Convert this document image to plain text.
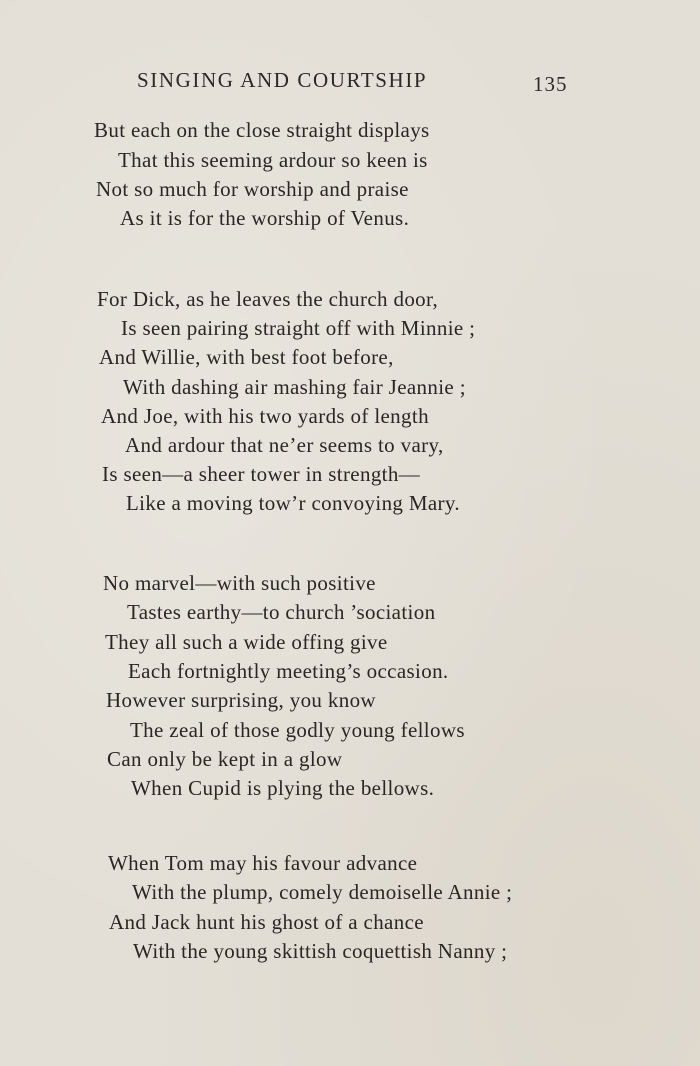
SINGING AND COURTSHIP	135
But each on the close straight displays
That this seeming ardour so keen is
Not so much for worship and praise
As it is for the worship of Venus.
For Dick, as he leaves the church door,
Is seen pairing straight off with Minnie ;
And Willie, with best foot before,
With dashing air mashing fair Jeannie ;
And Joe, with his two yards of length
And ardour that ne’er seems to vary,
Is seen—a sheer tower in strength—
Like a moving tow’r convoying Mary.
No marvel—with such positive
Tastes earthy—to church ’sociation
They all such a wide offing give
Each fortnightly meeting’s occasion.
However surprising, you know
The zeal of those godly young fellows
Can only be kept in a glow
When Cupid is plying the bellows.
When Tom may his favour advance
With the plump, comely demoiselle Annie ;
And Jack hunt his ghost of a chance
With the young skittish coquettish Nanny ;
